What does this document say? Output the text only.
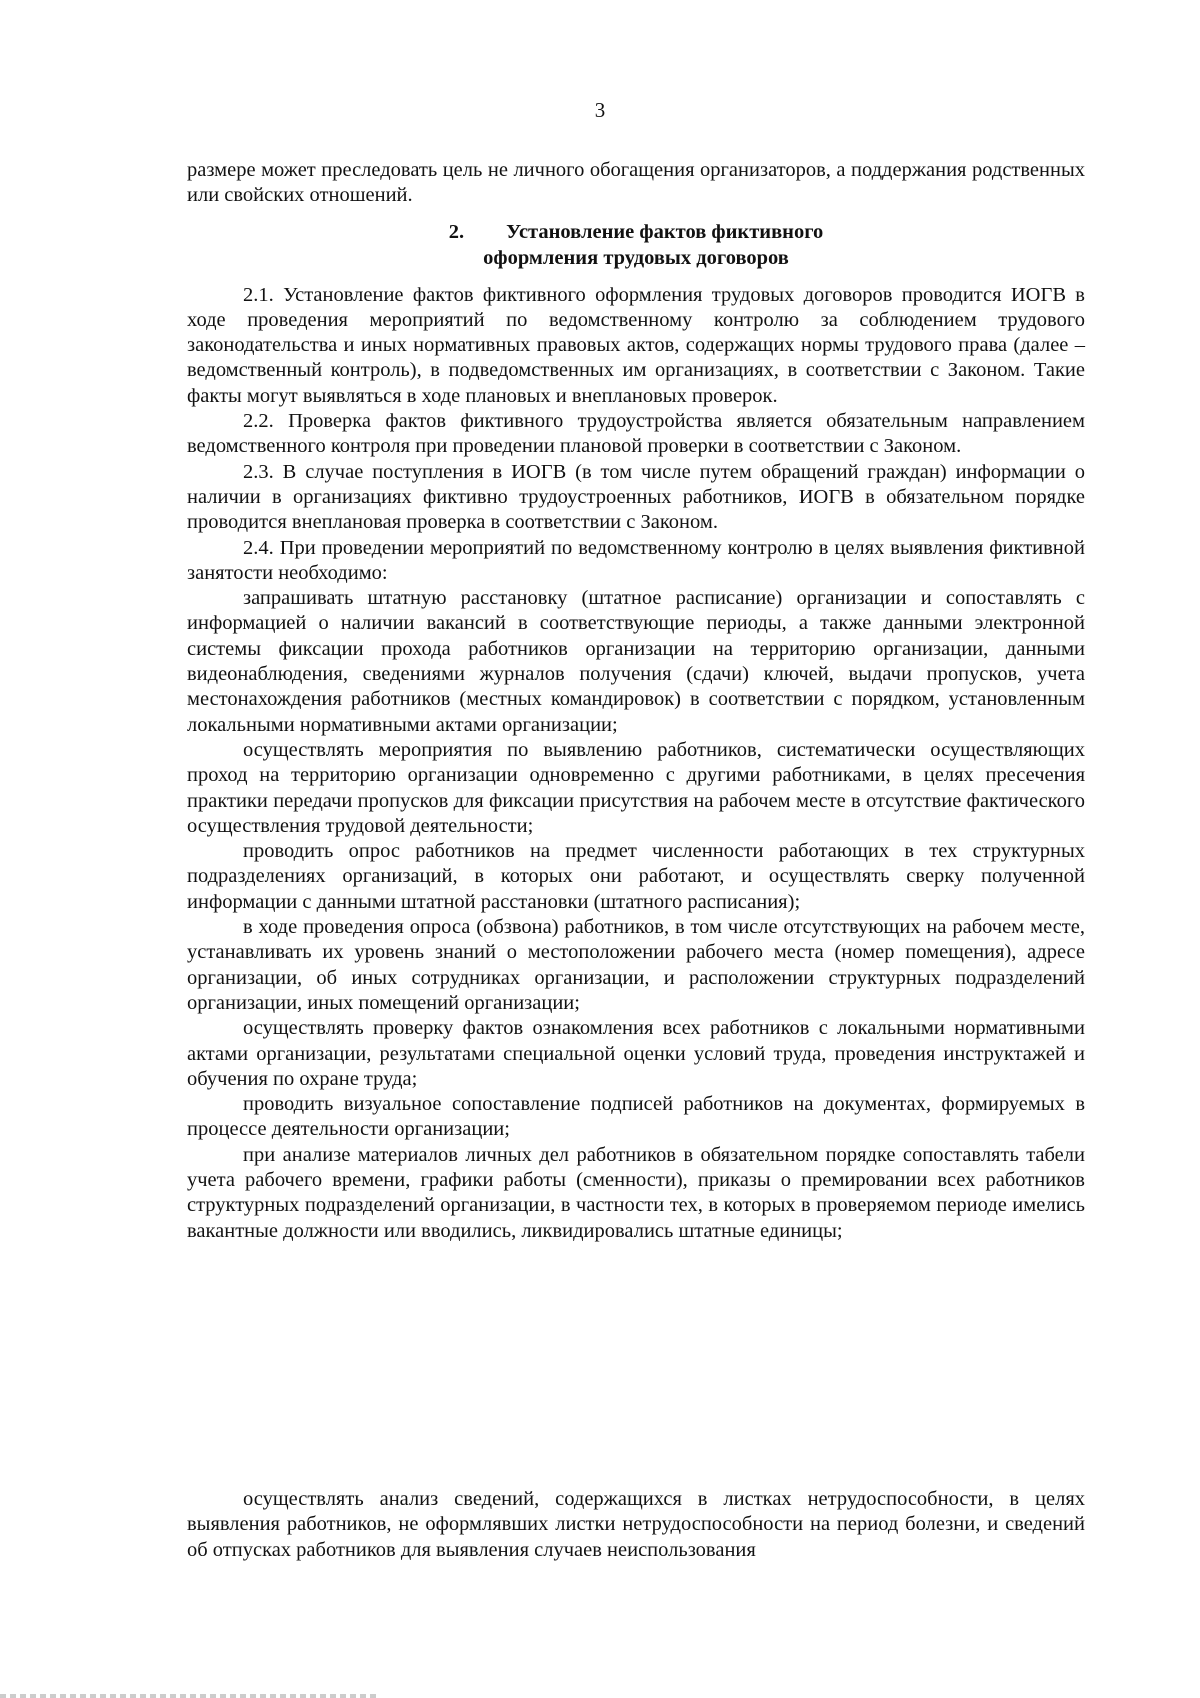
3

размере может преследовать цель не личного обогащения организаторов, а поддержания родственных или свойских отношений.

2. Установление фактов фиктивного
оформления трудовых договоров

2.1. Установление фактов фиктивного оформления трудовых договоров проводится ИОГВ в ходе проведения мероприятий по ведомственному контролю за соблюдением трудового законодательства и иных нормативных правовых актов, содержащих нормы трудового права (далее – ведомственный контроль), в подведомственных им организациях, в соответствии с Законом. Такие факты могут выявляться в ходе плановых и внеплановых проверок.

2.2. Проверка фактов фиктивного трудоустройства является обязательным направлением ведомственного контроля при проведении плановой проверки в соответствии с Законом.

2.3. В случае поступления в ИОГВ (в том числе путем обращений граждан) информации о наличии в организациях фиктивно трудоустроенных работников, ИОГВ в обязательном порядке проводится внеплановая проверка в соответствии с Законом.

2.4. При проведении мероприятий по ведомственному контролю в целях выявления фиктивной занятости необходимо:

запрашивать штатную расстановку (штатное расписание) организации и сопоставлять с информацией о наличии вакансий в соответствующие периоды, а также данными электронной системы фиксации прохода работников организации на территорию организации, данными видеонаблюдения, сведениями журналов получения (сдачи) ключей, выдачи пропусков, учета местонахождения работников (местных командировок) в соответствии с порядком, установленным локальными нормативными актами организации;

осуществлять мероприятия по выявлению работников, систематически осуществляющих проход на территорию организации одновременно с другими работниками, в целях пресечения практики передачи пропусков для фиксации присутствия на рабочем месте в отсутствие фактического осуществления трудовой деятельности;

проводить опрос работников на предмет численности работающих в тех структурных подразделениях организаций, в которых они работают, и осуществлять сверку полученной информации с данными штатной расстановки (штатного расписания);

в ходе проведения опроса (обзвона) работников, в том числе отсутствующих на рабочем месте, устанавливать их уровень знаний о местоположении рабочего места (номер помещения), адресе организации, об иных сотрудниках организации, и расположении структурных подразделений организации, иных помещений организации;

осуществлять проверку фактов ознакомления всех работников с локальными нормативными актами организации, результатами специальной оценки условий труда, проведения инструктажей и обучения по охране труда;

проводить визуальное сопоставление подписей работников на документах, формируемых в процессе деятельности организации;

при анализе материалов личных дел работников в обязательном порядке сопоставлять табели учета рабочего времени, графики работы (сменности), приказы о премировании всех работников структурных подразделений организации, в частности тех, в которых в проверяемом периоде имелись вакантные должности или вводились, ликвидировались штатные единицы;

осуществлять анализ сведений, содержащихся в листках нетрудоспособности, в целях выявления работников, не оформлявших листки нетрудоспособности на период болезни, и сведений об отпусках работников для выявления случаев неиспользования
